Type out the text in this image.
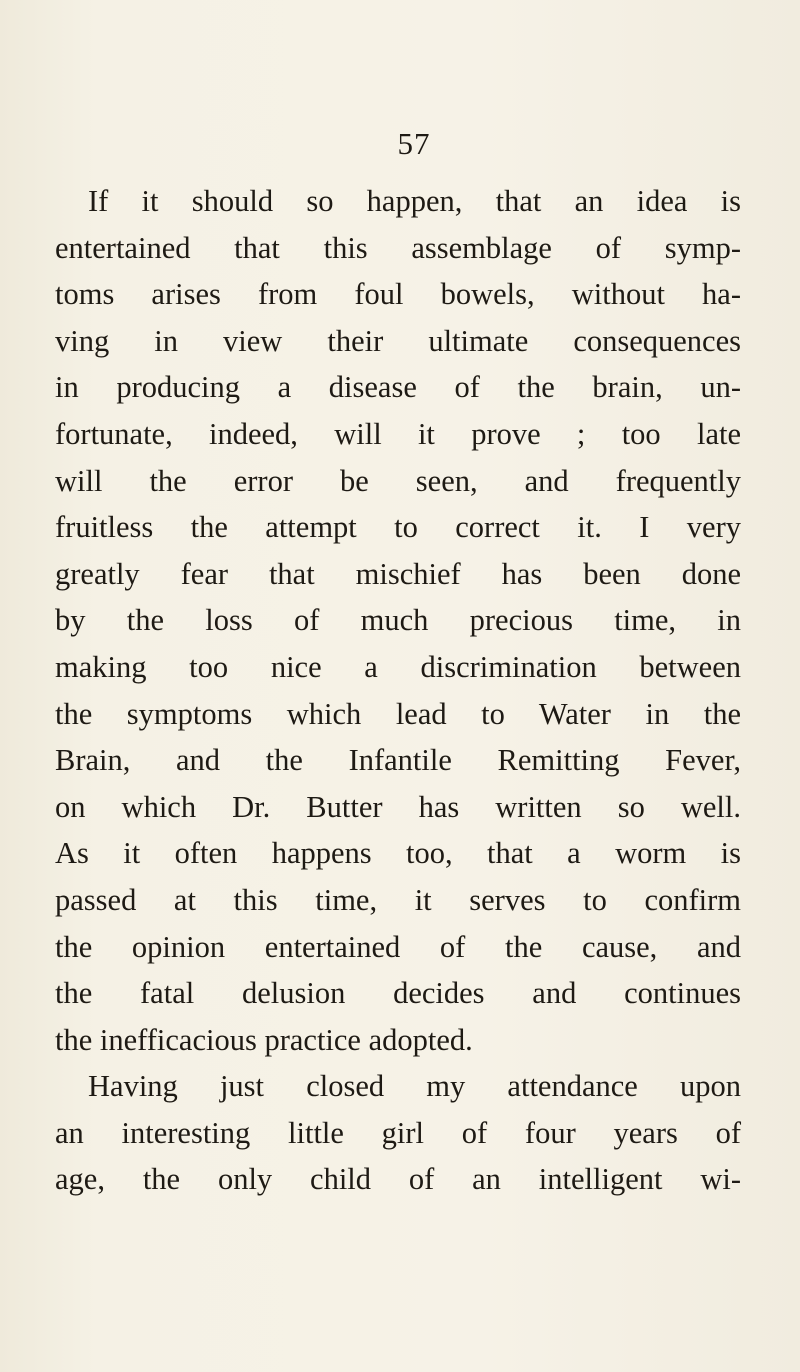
57
If it should so happen, that an idea is
entertained that this assemblage of symp-
toms arises from foul bowels, without ha-
ving in view their ultimate consequences
in producing a disease of the brain, un-
fortunate, indeed, will it prove ; too late
will the error be seen, and frequently
fruitless the attempt to correct it. I very
greatly fear that mischief has been done
by the loss of much precious time, in
making too nice a discrimination between
the symptoms which lead to Water in the
Brain, and the Infantile Remitting Fever,
on which Dr. Butter has written so well.
As it often happens too, that a worm is
passed at this time, it serves to confirm
the opinion entertained of the cause, and
the fatal delusion decides and continues
the inefficacious practice adopted.
Having just closed my attendance upon
an interesting little girl of four years of
age, the only child of an intelligent wi-
